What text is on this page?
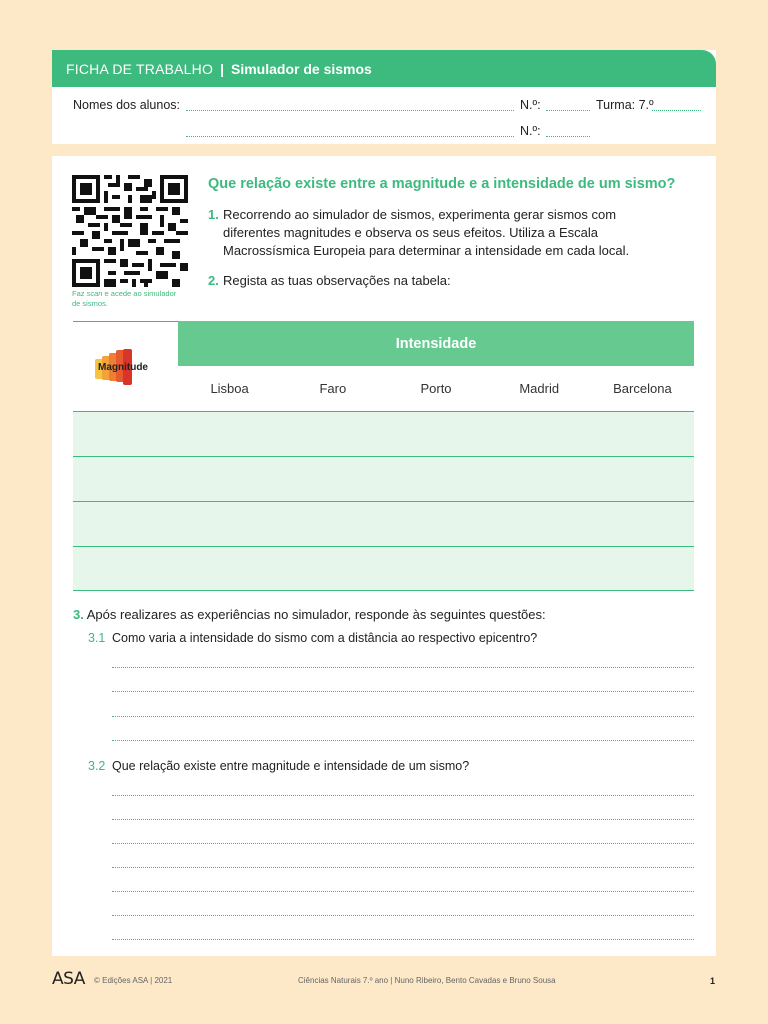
FICHA DE TRABALHO | Simulador de sismos
Nomes dos alunos:	N.º:	Turma: 7.º
N.º:
Faz scan e acede ao simulador de sismos.
Que relação existe entre a magnitude e a intensidade de um sismo?
1. Recorrendo ao simulador de sismos, experimenta gerar sismos com diferentes magnitudes e observa os seus efeitos. Utiliza a Escala Macrossísmica Europeia para determinar a intensidade em cada local.
2. Regista as tuas observações na tabela:
Magnitude
Intensidade
Lisboa	Faro	Porto	Madrid	Barcelona
3. Após realizares as experiências no simulador, responde às seguintes questões:
3.1 Como varia a intensidade do sismo com a distância ao respectivo epicentro?
3.2 Que relação existe entre magnitude e intensidade de um sismo?
ASA © Edições ASA | 2021	Ciências Naturais 7.º ano | Nuno Ribeiro, Bento Cavadas e Bruno Sousa	1
